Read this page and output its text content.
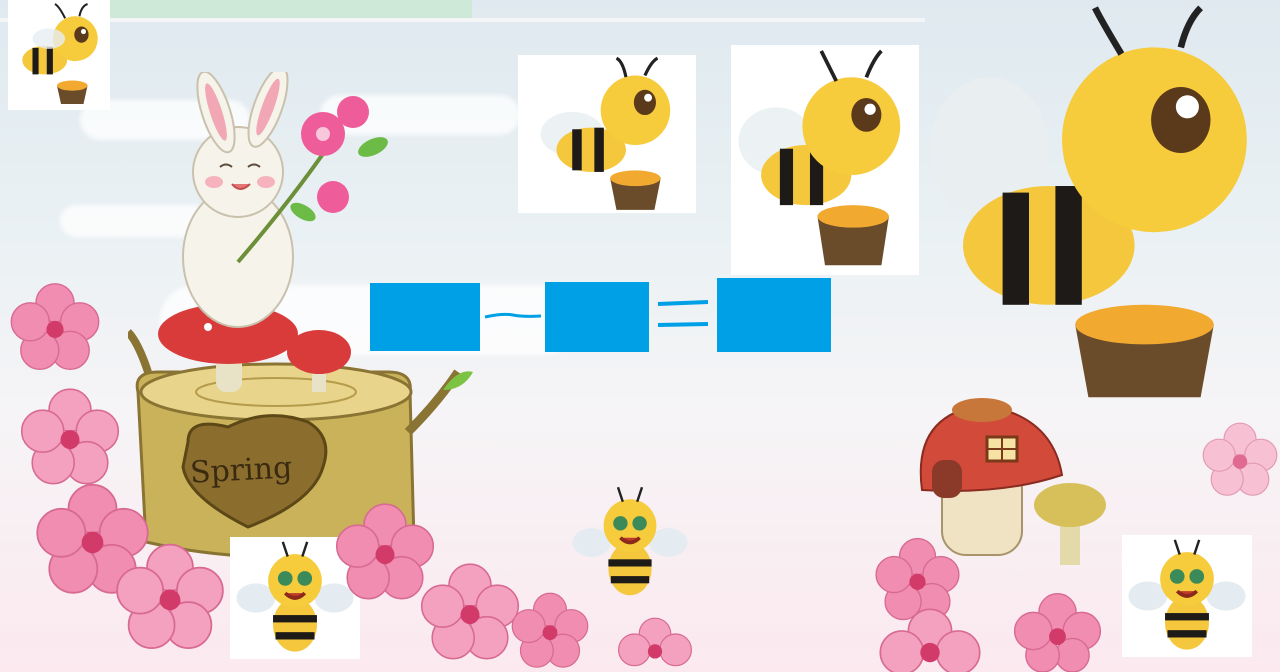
Spring
